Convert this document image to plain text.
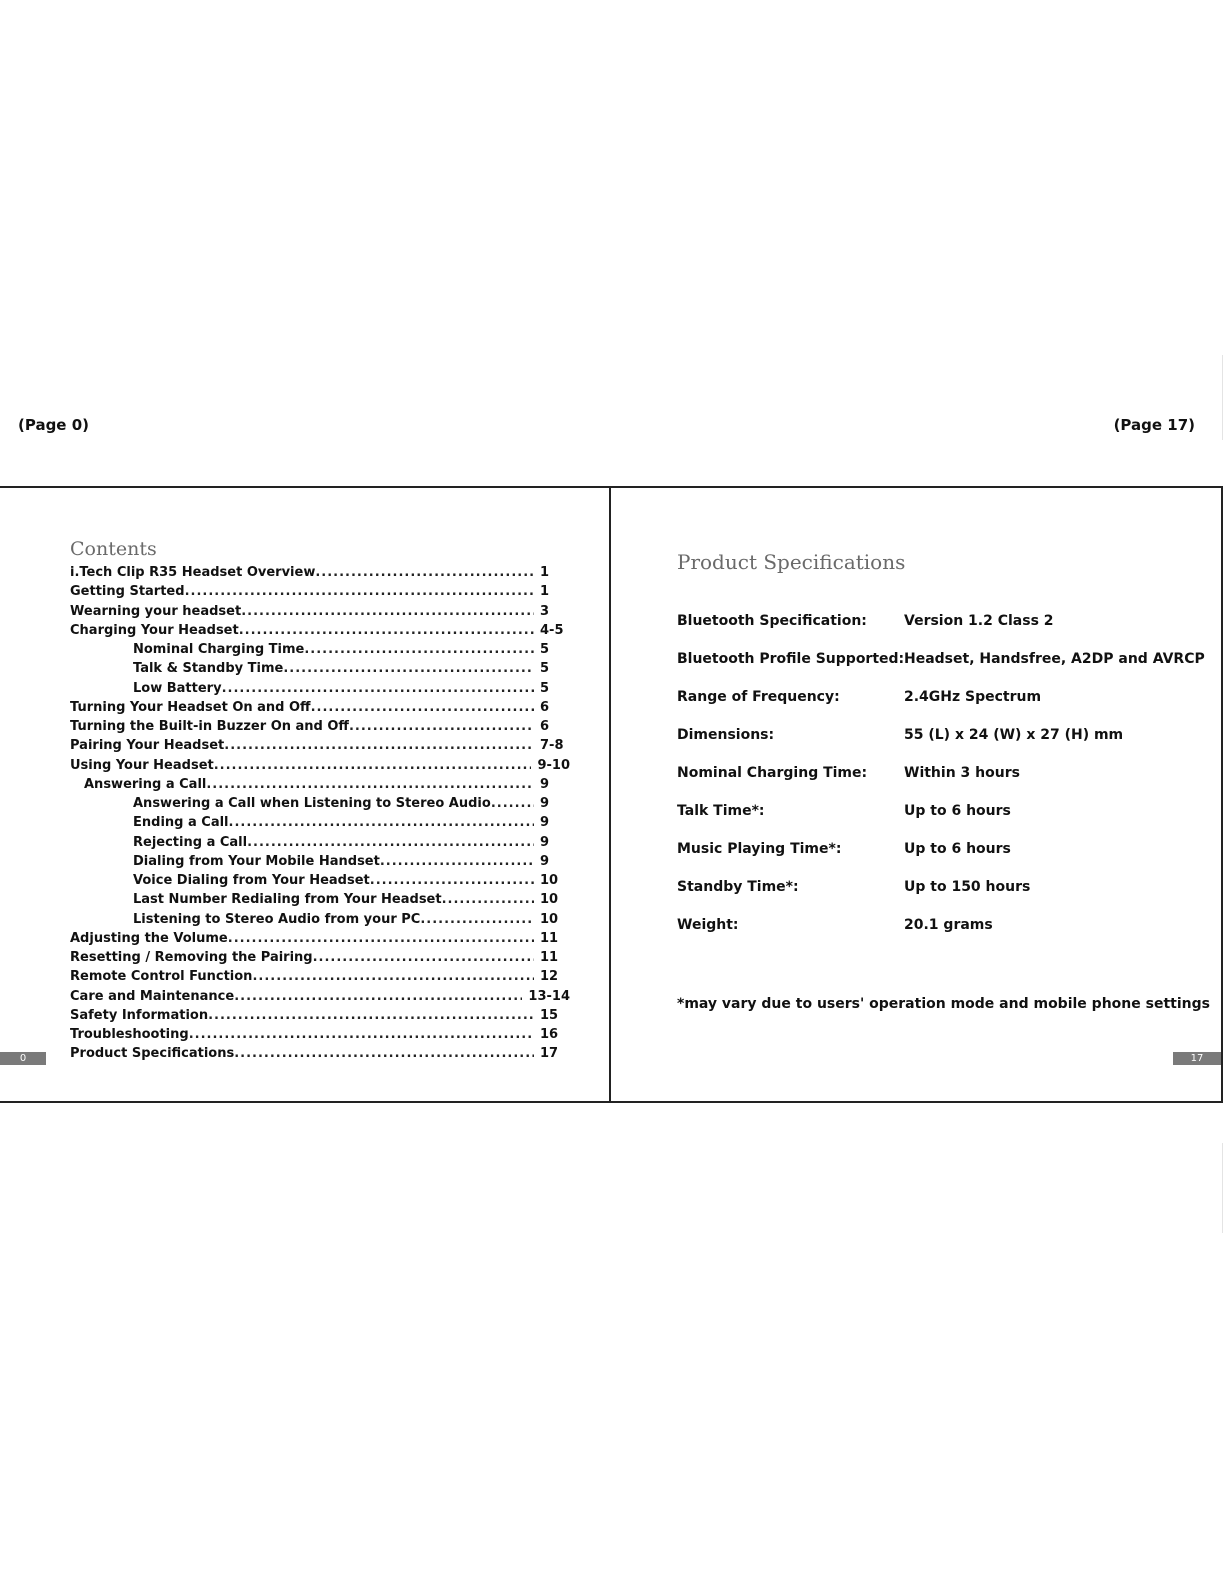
(Page 0)	(Page 17)
Contents
i.Tech Clip R35 Headset Overview .....	1
Getting Started .....	1
Wearning your headset .....	3
Charging Your Headset .....	4-5
Nominal Charging Time .....	5
Talk & Standby Time .....	5
Low Battery .....	5
Turning Your Headset On and Off .....	6
Turning the Built-in Buzzer On and Off .....	6
Pairing Your Headset .....	7-8
Using Your Headset .....	9-10
Answering a Call .....	9
Answering a Call when Listening to Stereo Audio .....	9
Ending a Call .....	9
Rejecting a Call .....	9
Dialing from Your Mobile Handset .....	9
Voice Dialing from Your Headset .....	10
Last Number Redialing from Your Headset .....	10
Listening to Stereo Audio from your PC .....	10
Adjusting the Volume .....	11
Resetting / Removing the Pairing .....	11
Remote Control Function .....	12
Care and Maintenance .....	13-14
Safety Information .....	15
Troubleshooting .....	16
Product Specifications .....	17
0
Product Specifications
Bluetooth Specification:	Version 1.2 Class 2
Bluetooth Profile Supported: Headset, Handsfree, A2DP and AVRCP
Range of Frequency:	2.4GHz Spectrum
Dimensions:	55 (L) x 24 (W) x 27 (H) mm
Nominal Charging Time:	Within 3 hours
Talk Time*:	Up to 6 hours
Music Playing Time*:	Up to 6 hours
Standby Time*:	Up to 150 hours
Weight:	20.1 grams
*may vary due to users' operation mode and mobile phone settings
17
